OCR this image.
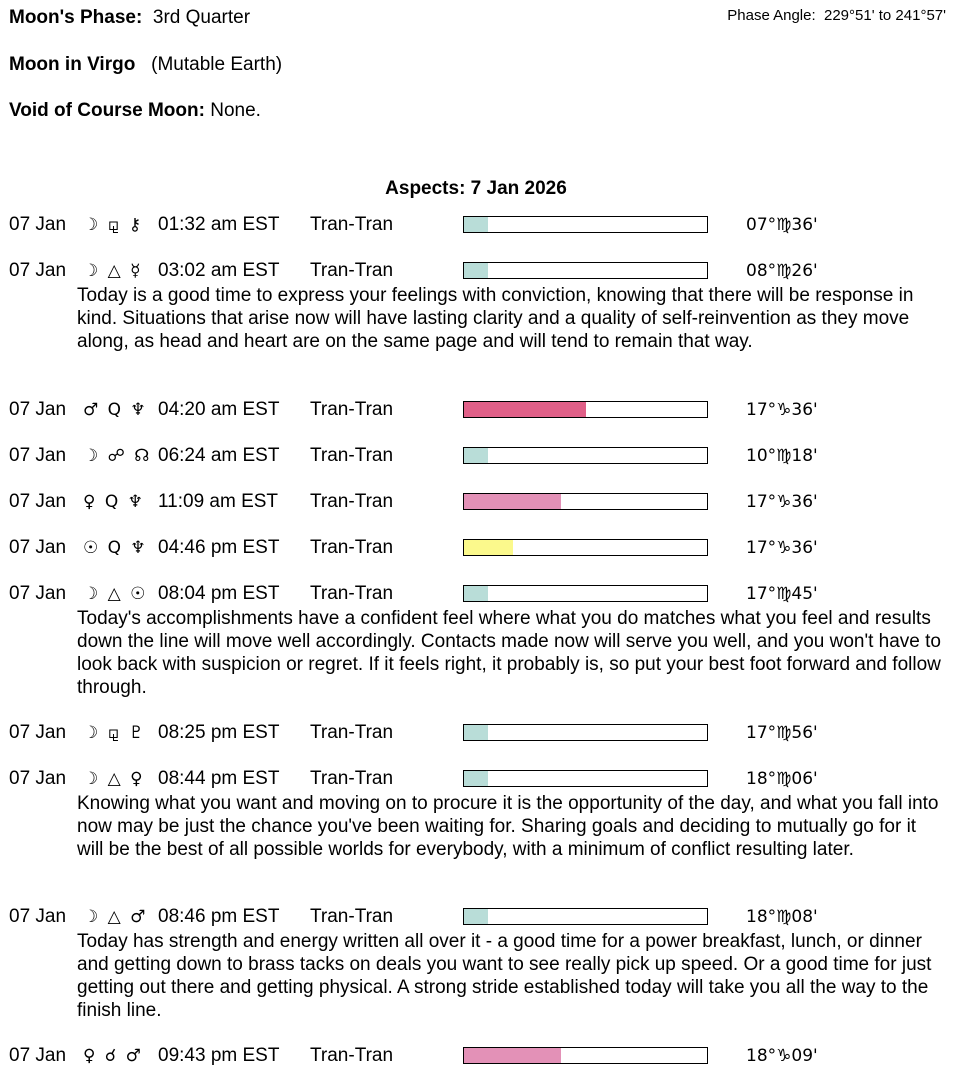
Moon's Phase: 3rd Quarter	Phase Angle: 229°51' to 241°57'
Moon in Virgo (Mutable Earth)
Void of Course Moon: None.
Aspects: 7 Jan 2026
07 Jan ☽ ⚼ ⚷ 01:32 am EST Tran-Tran	07°♍36'
07 Jan ☽ △ ☿ 03:02 am EST Tran-Tran	08°♍26'
Today is a good time to express your feelings with conviction, knowing that there will be response in kind. Situations that arise now will have lasting clarity and a quality of self-reinvention as they move along, as head and heart are on the same page and will tend to remain that way.
07 Jan ♂ Q ♆ 04:20 am EST Tran-Tran	17°♑36'
07 Jan ☽ ☍ ☊ 06:24 am EST Tran-Tran	10°♍18'
07 Jan ♀ Q ♆ 11:09 am EST Tran-Tran	17°♑36'
07 Jan ☉ Q ♆ 04:46 pm EST Tran-Tran	17°♑36'
07 Jan ☽ △ ☉ 08:04 pm EST Tran-Tran	17°♍45'
Today's accomplishments have a confident feel where what you do matches what you feel and results down the line will move well accordingly. Contacts made now will serve you well, and you won't have to look back with suspicion or regret. If it feels right, it probably is, so put your best foot forward and follow through.
07 Jan ☽ ⚼ ♇ 08:25 pm EST Tran-Tran	17°♍56'
07 Jan ☽ △ ♀ 08:44 pm EST Tran-Tran	18°♍06'
Knowing what you want and moving on to procure it is the opportunity of the day, and what you fall into now may be just the chance you've been waiting for. Sharing goals and deciding to mutually go for it will be the best of all possible worlds for everybody, with a minimum of conflict resulting later.
07 Jan ☽ △ ♂ 08:46 pm EST Tran-Tran	18°♍08'
Today has strength and energy written all over it - a good time for a power breakfast, lunch, or dinner and getting down to brass tacks on deals you want to see really pick up speed. Or a good time for just getting out there and getting physical. A strong stride established today will take you all the way to the finish line.
07 Jan ♀ ☌ ♂ 09:43 pm EST Tran-Tran	18°♑09'
